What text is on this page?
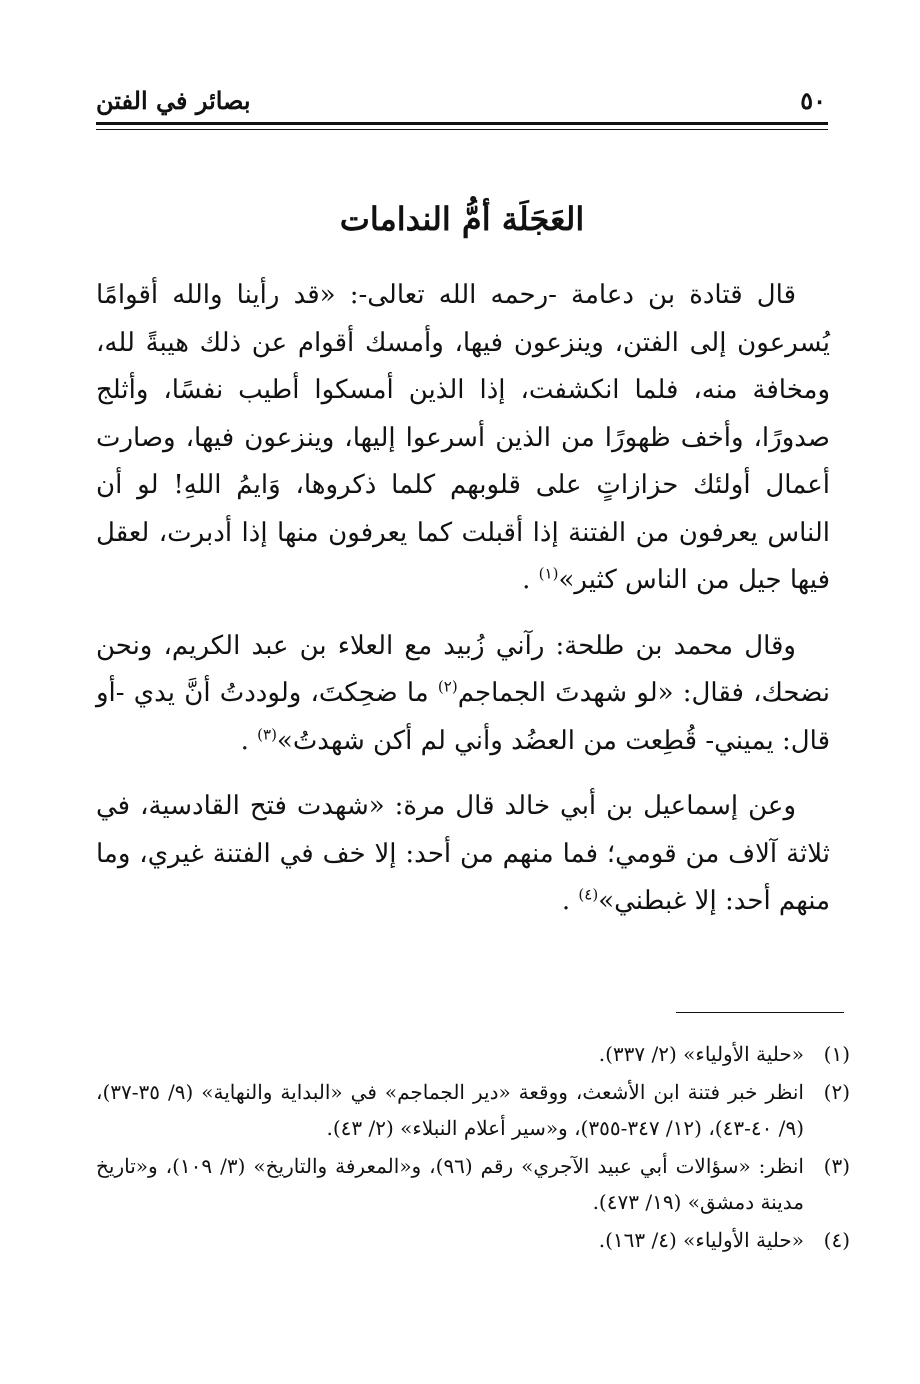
٥٠
بصائر في الفتن
العَجَلَة أمُّ الندامات

قال قتادة بن دعامة -رحمه الله تعالى-: «قد رأينا والله أقوامًا يُسرعون إلى الفتن، وينزعون فيها، وأمسك أقوام عن ذلك هيبةً لله، ومخافة منه، فلما انكشفت، إذا الذين أمسكوا أطيب نفسًا، وأثلج صدورًا، وأخف ظهورًا من الذين أسرعوا إليها، وينزعون فيها، وصارت أعمال أولئك حزازاتٍ على قلوبهم كلما ذكروها، وَايمُ اللهِ! لو أن الناس يعرفون من الفتنة إذا أقبلت كما يعرفون منها إذا أدبرت، لعقل فيها جيل من الناس كثير»$^{(١)}$ .

وقال محمد بن طلحة: رآني زُبيد مع العلاء بن عبد الكريم، ونحن نضحك، فقال: «لو شهدتَ الجماجم$^{(٢)}$ ما ضحِكتَ، ولوددتُ أنَّ يدي -أو قال: يميني- قُطِعت من العضُد وأني لم أكن شهدتُ»$^{(٣)}$ .

وعن إسماعيل بن أبي خالد قال مرة: «شهدت فتح القادسية، في ثلاثة آلاف من قومي؛ فما منهم من أحد: إلا خف في الفتنة غيري، وما منهم أحد: إلا غبطني»$^{(٤)}$ .

(١)
«حلية الأولياء» (٢/ ٣٣٧).
(٢)
انظر خبر فتنة ابن الأشعث، ووقعة «دير الجماجم» في «البداية والنهاية» (٩/ ٣٥-٣٧)، (٩/ ٤٠-٤٣)، (١٢/ ٣٤٧-٣٥٥)، و«سير أعلام النبلاء» (٢/ ٤٣).
(٣)
انظر: «سؤالات أبي عبيد الآجري» رقم (٩٦)، و«المعرفة والتاريخ» (٣/ ١٠٩)، و«تاريخ مدينة دمشق» (١٩/ ٤٧٣).
(٤)
«حلية الأولياء» (٤/ ١٦٣).
